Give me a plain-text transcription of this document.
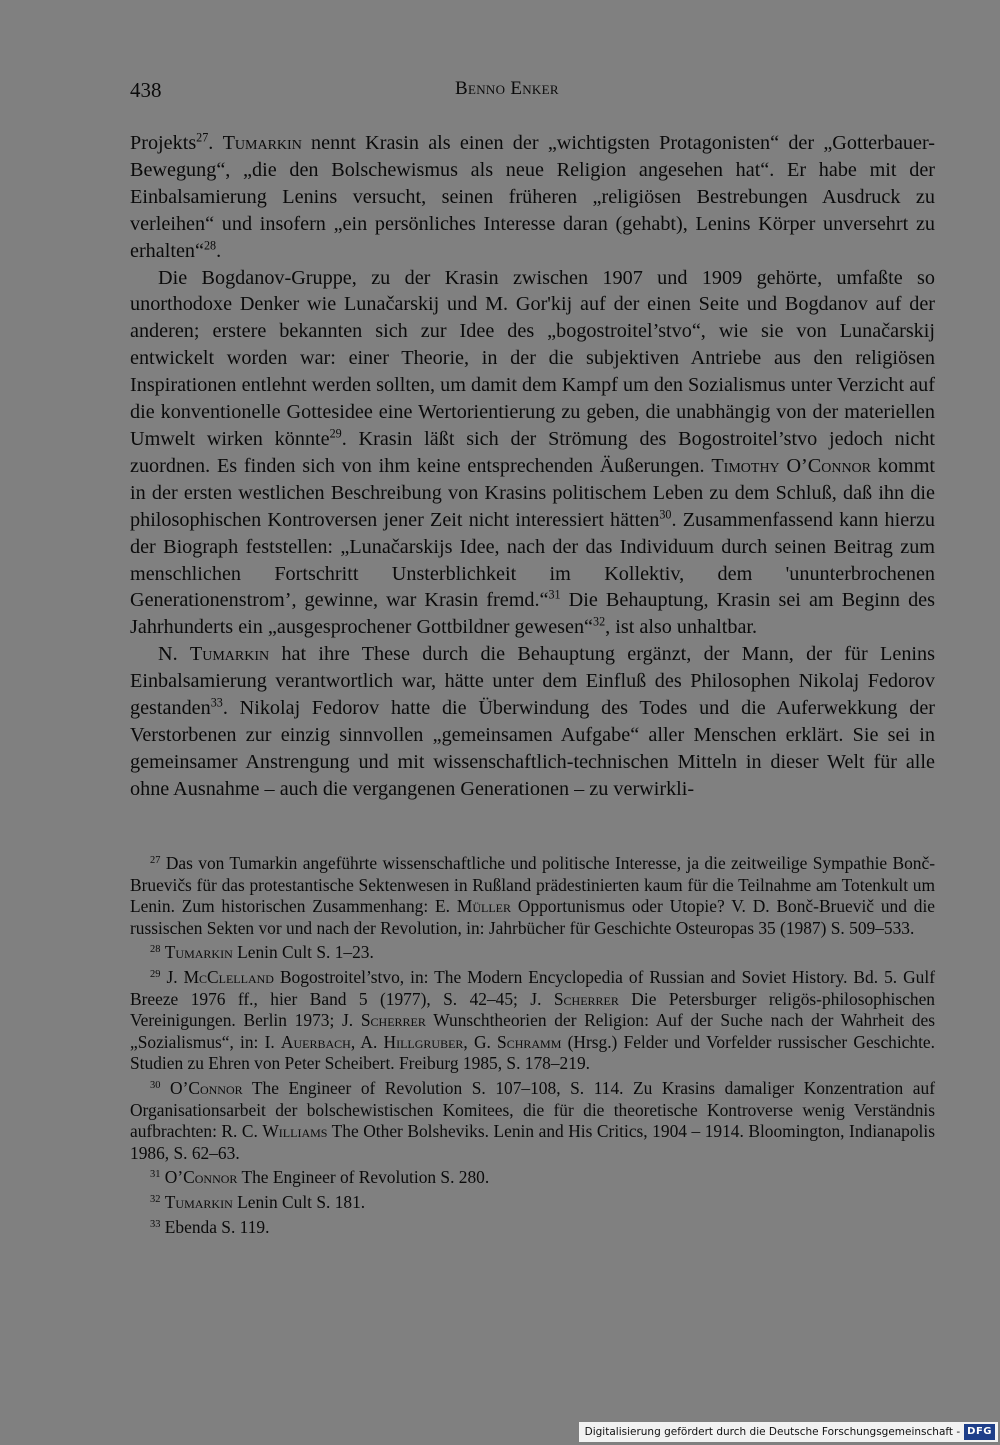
438	Benno Enker

Projekts$^{27}$. Tumarkin nennt Krasin als einen der „wichtigsten Protagonisten“ der „Gotterbauer-Bewegung“, „die den Bolschewismus als neue Religion angesehen hat“. Er habe mit der Einbalsamierung Lenins versucht, seinen früheren „religiösen Bestrebungen Ausdruck zu verleihen“ und insofern „ein persönliches Interesse daran (gehabt), Lenins Körper unversehrt zu erhalten“$^{28}$.

Die Bogdanov-Gruppe, zu der Krasin zwischen 1907 und 1909 gehörte, umfaßte so unorthodoxe Denker wie Lunačarskij und M. Gor'kij auf der einen Seite und Bogdanov auf der anderen; erstere bekannten sich zur Idee des „bogostroitel’stvo“, wie sie von Lunačarskij entwickelt worden war: einer Theorie, in der die subjektiven Antriebe aus den religiösen Inspirationen entlehnt werden sollten, um damit dem Kampf um den Sozialismus unter Verzicht auf die konventionelle Gottesidee eine Wertorientierung zu geben, die unabhängig von der materiellen Umwelt wirken könnte$^{29}$. Krasin läßt sich der Strömung des Bogostroitel’stvo jedoch nicht zuordnen. Es finden sich von ihm keine entsprechenden Äußerungen. Timothy O’Connor kommt in der ersten westlichen Beschreibung von Krasins politischem Leben zu dem Schluß, daß ihn die philosophischen Kontroversen jener Zeit nicht interessiert hätten$^{30}$. Zusammenfassend kann hierzu der Biograph feststellen: „Lunačarskijs Idee, nach der das Individuum durch seinen Beitrag zum menschlichen Fortschritt Unsterblichkeit im Kollektiv, dem 'ununterbrochenen Generationenstrom’, gewinne, war Krasin fremd.“$^{31}$ Die Behauptung, Krasin sei am Beginn des Jahrhunderts ein „ausgesprochener Gottbildner gewesen“$^{32}$, ist also unhaltbar.

N. Tumarkin hat ihre These durch die Behauptung ergänzt, der Mann, der für Lenins Einbalsamierung verantwortlich war, hätte unter dem Einfluß des Philosophen Nikolaj Fedorov gestanden$^{33}$. Nikolaj Fedorov hatte die Überwindung des Todes und die Auferwekkung der Verstorbenen zur einzig sinnvollen „gemeinsamen Aufgabe“ aller Menschen erklärt. Sie sei in gemeinsamer Anstrengung und mit wissenschaftlich-technischen Mitteln in dieser Welt für alle ohne Ausnahme – auch die vergangenen Generationen – zu verwirkli-

$^{27}$ Das von Tumarkin angeführte wissenschaftliche und politische Interesse, ja die zeitweilige Sympathie Bonč-Bruevičs für das protestantische Sektenwesen in Rußland prädestinierten kaum für die Teilnahme am Totenkult um Lenin. Zum historischen Zusammenhang: E. Müller Opportunismus oder Utopie? V. D. Bonč-Bruevič und die russischen Sekten vor und nach der Revolution, in: Jahrbücher für Geschichte Osteuropas 35 (1987) S. 509–533.

$^{28}$ Tumarkin Lenin Cult S. 1–23.

$^{29}$ J. McClelland Bogostroitel’stvo, in: The Modern Encyclopedia of Russian and Soviet History. Bd. 5. Gulf Breeze 1976 ff., hier Band 5 (1977), S. 42–45; J. Scherrer Die Petersburger religös-philosophischen Vereinigungen. Berlin 1973; J. Scherrer Wunschtheorien der Religion: Auf der Suche nach der Wahrheit des „Sozialismus“, in: I. Auerbach, A. Hillgruber, G. Schramm (Hrsg.) Felder und Vorfelder russischer Geschichte. Studien zu Ehren von Peter Scheibert. Freiburg 1985, S. 178–219.

$^{30}$ O’Connor The Engineer of Revolution S. 107–108, S. 114. Zu Krasins damaliger Konzentration auf Organisationsarbeit der bolschewistischen Komitees, die für die theoretische Kontroverse wenig Verständnis aufbrachten: R. C. Williams The Other Bolsheviks. Lenin and His Critics, 1904 – 1914. Bloomington, Indianapolis 1986, S. 62–63.

$^{31}$ O’Connor The Engineer of Revolution S. 280.

$^{32}$ Tumarkin Lenin Cult S. 181.

$^{33}$ Ebenda S. 119.

Digitalisierung gefördert durch die Deutsche Forschungsgemeinschaft - DFG
